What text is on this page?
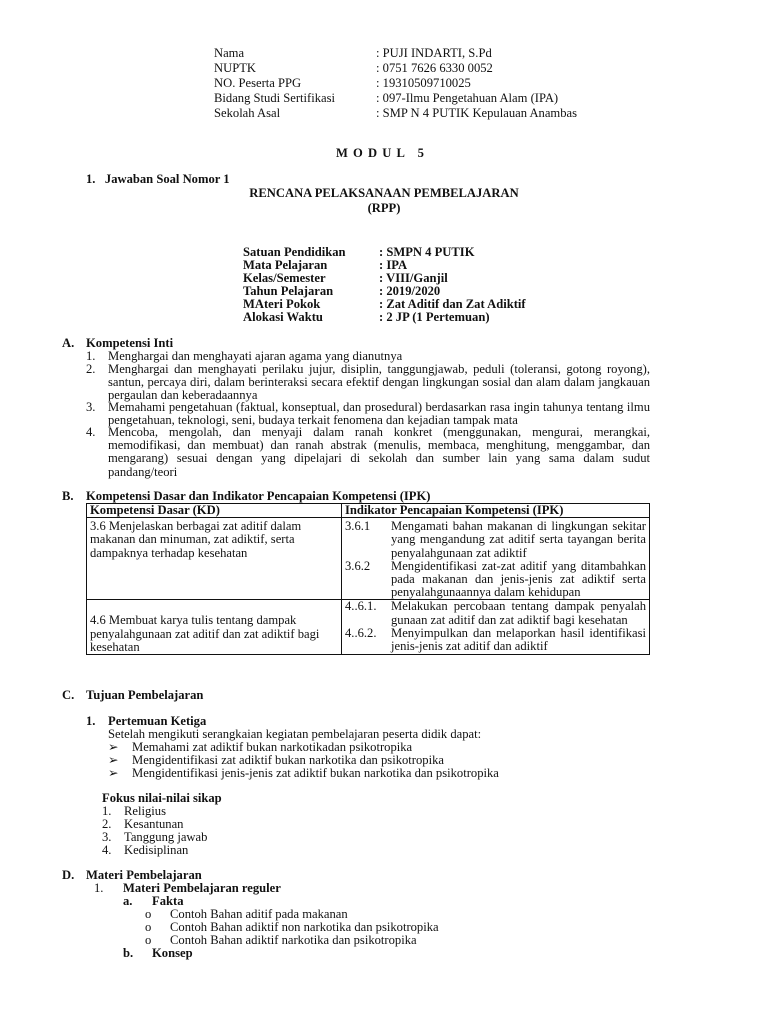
Nama	: PUJI INDARTI, S.Pd
NUPTK	: 0751 7626 6330 0052
NO. Peserta PPG	: 19310509710025
Bidang Studi Sertifikasi	: 097-Ilmu Pengetahuan Alam (IPA)
Sekolah Asal	: SMP N 4 PUTIK Kepulauan Anambas
M O D U L   5
1.   Jawaban Soal Nomor 1
RENCANA PELAKSANAAN PEMBELAJARAN
(RPP)
Satuan Pendidikan	: SMPN 4 PUTIK
Mata Pelajaran	: IPA
Kelas/Semester	: VIII/Ganjil
Tahun Pelajaran	: 2019/2020
MAteri Pokok	: Zat Aditif dan Zat Adiktif
Alokasi Waktu	: 2 JP (1 Pertemuan)
A. Kompetensi Inti
1. Menghargai dan menghayati ajaran agama yang dianutnya
2. Menghargai dan menghayati perilaku jujur, disiplin, tanggungjawab, peduli (toleransi, gotong royong), santun, percaya diri, dalam berinteraksi secara efektif dengan lingkungan sosial dan alam dalam jangkauan pergaulan dan keberadaannya
3. Memahami pengetahuan (faktual, konseptual, dan prosedural) berdasarkan rasa ingin tahunya tentang ilmu pengetahuan, teknologi, seni, budaya terkait fenomena dan kejadian tampak mata
4. Mencoba, mengolah, dan menyaji dalam ranah konkret (menggunakan, mengurai, merangkai, memodifikasi, dan membuat) dan ranah abstrak (menulis, membaca, menghitung, menggambar, dan mengarang) sesuai dengan yang dipelajari di sekolah dan sumber lain yang sama dalam sudut pandang/teori
B. Kompetensi Dasar dan Indikator Pencapaian Kompetensi (IPK)
Kompetensi Dasar (KD)	Indikator Pencapaian Kompetensi (IPK)
3.6 Menjelaskan berbagai zat aditif dalam makanan dan minuman, zat adiktif, serta dampaknya terhadap kesehatan	3.6.1 Mengamati bahan makanan di lingkungan sekitar yang mengandung zat aditif serta tayangan berita penyalahgunaan zat adiktif
3.6.2 Mengidentifikasi zat-zat aditif yang ditambahkan pada makanan dan jenis-jenis zat adiktif serta penyalahgunaannya dalam kehidupan

4.6 Membuat karya tulis tentang dampak penyalahgunaan zat aditif dan zat adiktif bagi kesehatan	4..6.1. Melakukan percobaan tentang dampak penyalah gunaan zat aditif dan zat adiktif bagi kesehatan
4..6.2. Menyimpulkan dan melaporkan hasil identifikasi jenis-jenis zat aditif dan adiktif
C. Tujuan Pembelajaran
1. Pertemuan Ketiga
Setelah mengikuti serangkaian kegiatan pembelajaran peserta didik dapat:
➢ Memahami zat adiktif bukan narkotikadan psikotropika
➢ Mengidentifikasi zat adiktif bukan narkotika dan psikotropika
➢ Mengidentifikasi jenis-jenis zat adiktif bukan narkotika dan psikotropika
Fokus nilai-nilai sikap
1. Religius
2. Kesantunan
3. Tanggung jawab
4. Kedisiplinan
D. Materi Pembelajaran
1. Materi Pembelajaran reguler
a. Fakta
o Contoh Bahan aditif pada makanan
o Contoh Bahan adiktif non narkotika dan psikotropika
o Contoh Bahan adiktif narkotika dan psikotropika
b. Konsep
